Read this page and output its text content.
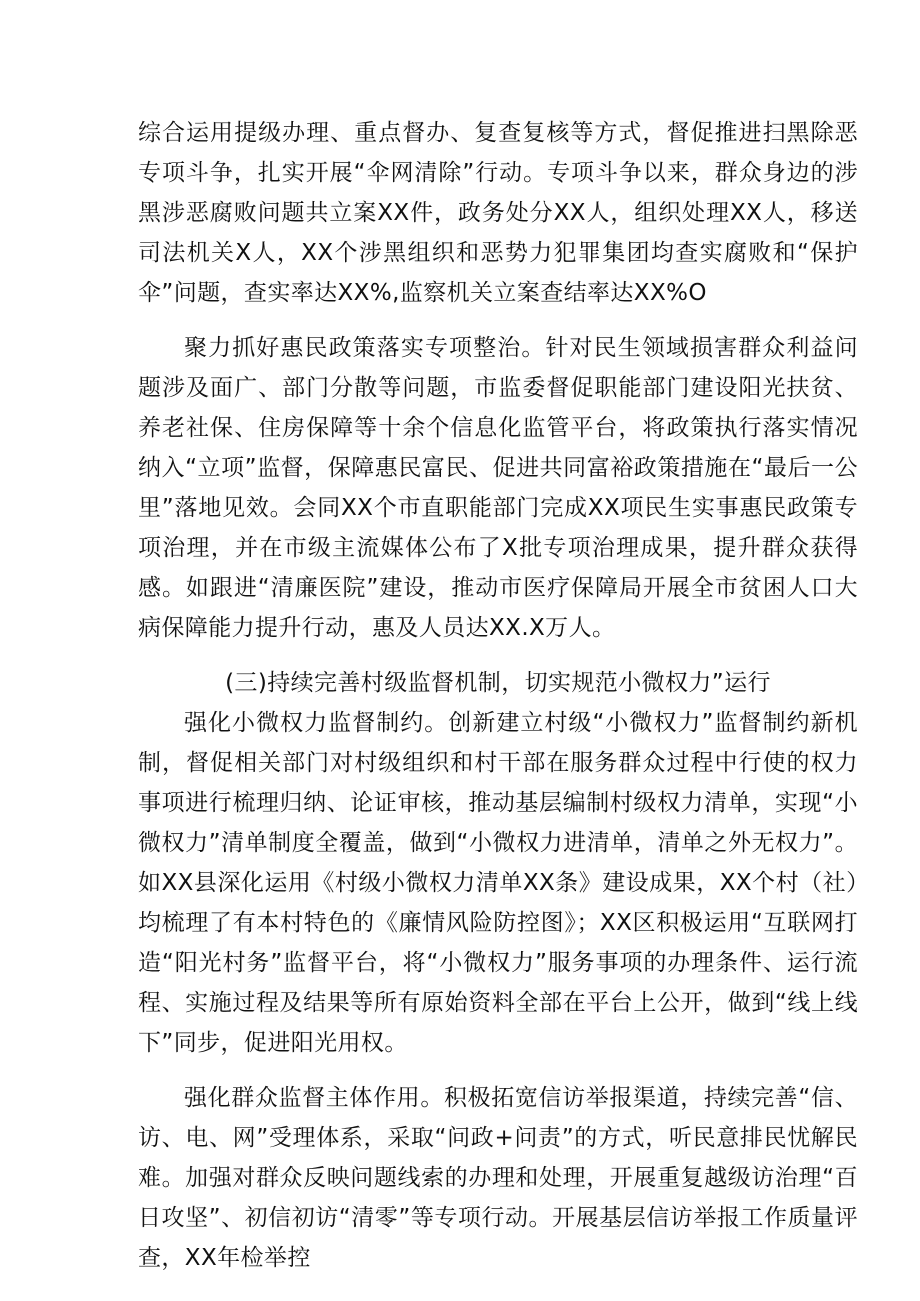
综合运用提级办理、重点督办、复查复核等方式，督促推进扫黑除恶专项斗争，扎实开展“伞网清除”行动。专项斗争以来，群众身边的涉黑涉恶腐败问题共立案XX件，政务处分XX人，组织处理XX人，移送司法机关X人，XX个涉黑组织和恶势力犯罪集团均查实腐败和“保护伞”问题，查实率达XX%,监察机关立案查结率达XX%O

聚力抓好惠民政策落实专项整治。针对民生领域损害群众利益问题涉及面广、部门分散等问题，市监委督促职能部门建设阳光扶贫、养老社保、住房保障等十余个信息化监管平台，将政策执行落实情况纳入“立项”监督，保障惠民富民、促进共同富裕政策措施在“最后一公里”落地见效。会同XX个市直职能部门完成XX项民生实事惠民政策专项治理，并在市级主流媒体公布了X批专项治理成果，提升群众获得感。如跟进“清廉医院”建设，推动市医疗保障局开展全市贫困人口大病保障能力提升行动，惠及人员达XX.X万人。

(三)持续完善村级监督机制，切实规范小微权力”运行

强化小微权力监督制约。创新建立村级“小微权力”监督制约新机制，督促相关部门对村级组织和村干部在服务群众过程中行使的权力事项进行梳理归纳、论证审核，推动基层编制村级权力清单，实现“小微权力”清单制度全覆盖，做到“小微权力进清单，清单之外无权力”。如XX县深化运用《村级小微权力清单XX条》建设成果，XX个村（社）均梳理了有本村特色的《廉情风险防控图》；XX区积极运用“互联网打造“阳光村务”监督平台，将“小微权力”服务事项的办理条件、运行流程、实施过程及结果等所有原始资料全部在平台上公开，做到“线上线下”同步，促进阳光用权。

强化群众监督主体作用。积极拓宽信访举报渠道，持续完善“信、访、电、网”受理体系，采取“问政+问责”的方式，听民意排民忧解民难。加强对群众反映问题线索的办理和处理，开展重复越级访治理“百日攻坚”、初信初访“清零”等专项行动。开展基层信访举报工作质量评查，XX年检举控
